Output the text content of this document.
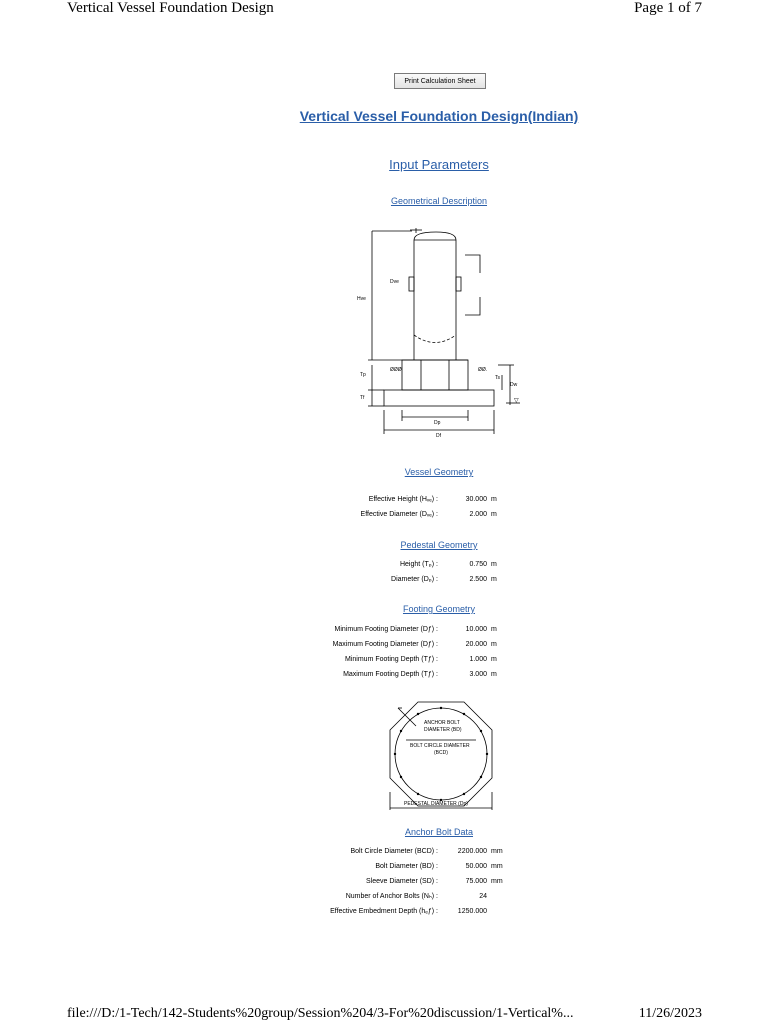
Vertical Vessel Foundation Design	Page 1 of 7
Print Calculation Sheet
Vertical Vessel Foundation Design(Indian)
Input Parameters
Geometrical Description
Dve
Hve
Tp
Tf
Ts
Dw
ØØØ	ØØ.
▽
Dp
Df
Vessel Geometry
Effective Height (Hᵥₑ) :	30.000 m
Effective Diameter (Dᵥₑ) :	2.000 m
Pedestal Geometry
Height (Tₚ) :	0.750 m
Diameter (Dₚ) :	2.500 m
Footing Geometry
Minimum Footing Diameter (Dƒ) :	10.000 m
Maximum Footing Diameter (Dƒ) :	20.000 m
Minimum Footing Depth (Tƒ) :	1.000 m
Maximum Footing Depth (Tƒ) :	3.000 m
ANCHOR BOLT
DIAMETER (BD)
BOLT CIRCLE DIAMETER
(BCD)
PEDESTAL DIAMETER (Dp)
Anchor Bolt Data
Bolt Circle Diameter (BCD) :	2200.000 mm
Bolt Diameter (BD) :	50.000 mm
Sleeve Diameter (SD) :	75.000 mm
Number of Anchor Bolts (Nₕ) :	24
Effective Embedment Depth (hₑƒ) :	1250.000
file:///D:/1-Tech/142-Students%20group/Session%204/3-For%20discussion/1-Vertical%...	11/26/2023
